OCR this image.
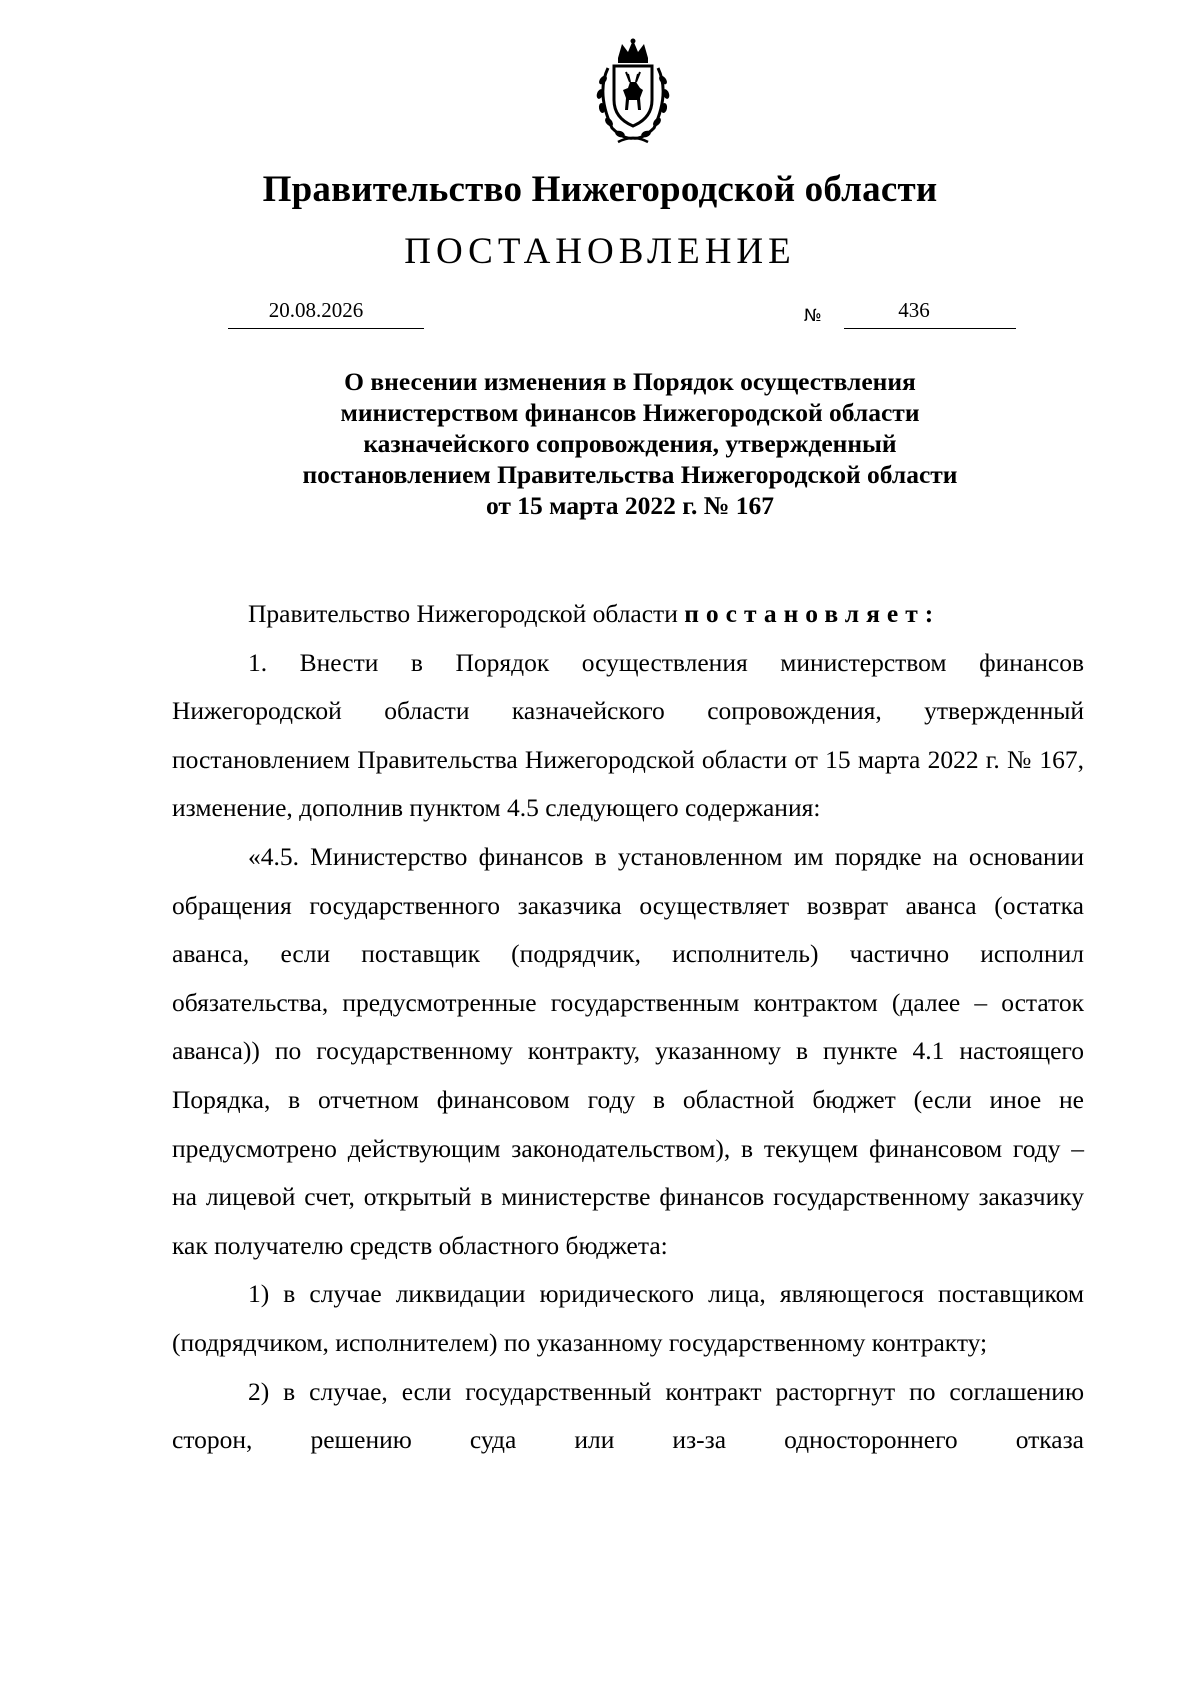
Правительство Нижегородской области
ПОСТАНОВЛЕНИЕ
20.08.2026	№	436
О внесении изменения в Порядок осуществления
министерством финансов Нижегородской области
казначейского сопровождения, утвержденный
постановлением Правительства Нижегородской области
от 15 марта 2022 г. № 167
Правительство Нижегородской области постановляет:
1. Внести в Порядок осуществления министерством финансов Нижегородской области казначейского сопровождения, утвержденный постановлением Правительства Нижегородской области от 15 марта 2022 г. № 167, изменение, дополнив пунктом 4.5 следующего содержания:
«4.5. Министерство финансов в установленном им порядке на основании обращения государственного заказчика осуществляет возврат аванса (остатка аванса, если поставщик (подрядчик, исполнитель) частично исполнил обязательства, предусмотренные государственным контрактом (далее – остаток аванса)) по государственному контракту, указанному в пункте 4.1 настоящего Порядка, в отчетном финансовом году в областной бюджет (если иное не предусмотрено действующим законодательством), в текущем финансовом году – на лицевой счет, открытый в министерстве финансов государственному заказчику как получателю средств областного бюджета:
1) в случае ликвидации юридического лица, являющегося поставщиком (подрядчиком, исполнителем) по указанному государственному контракту;
2) в случае, если государственный контракт расторгнут по соглашению сторон, решению суда или из-за одностороннего отказа
